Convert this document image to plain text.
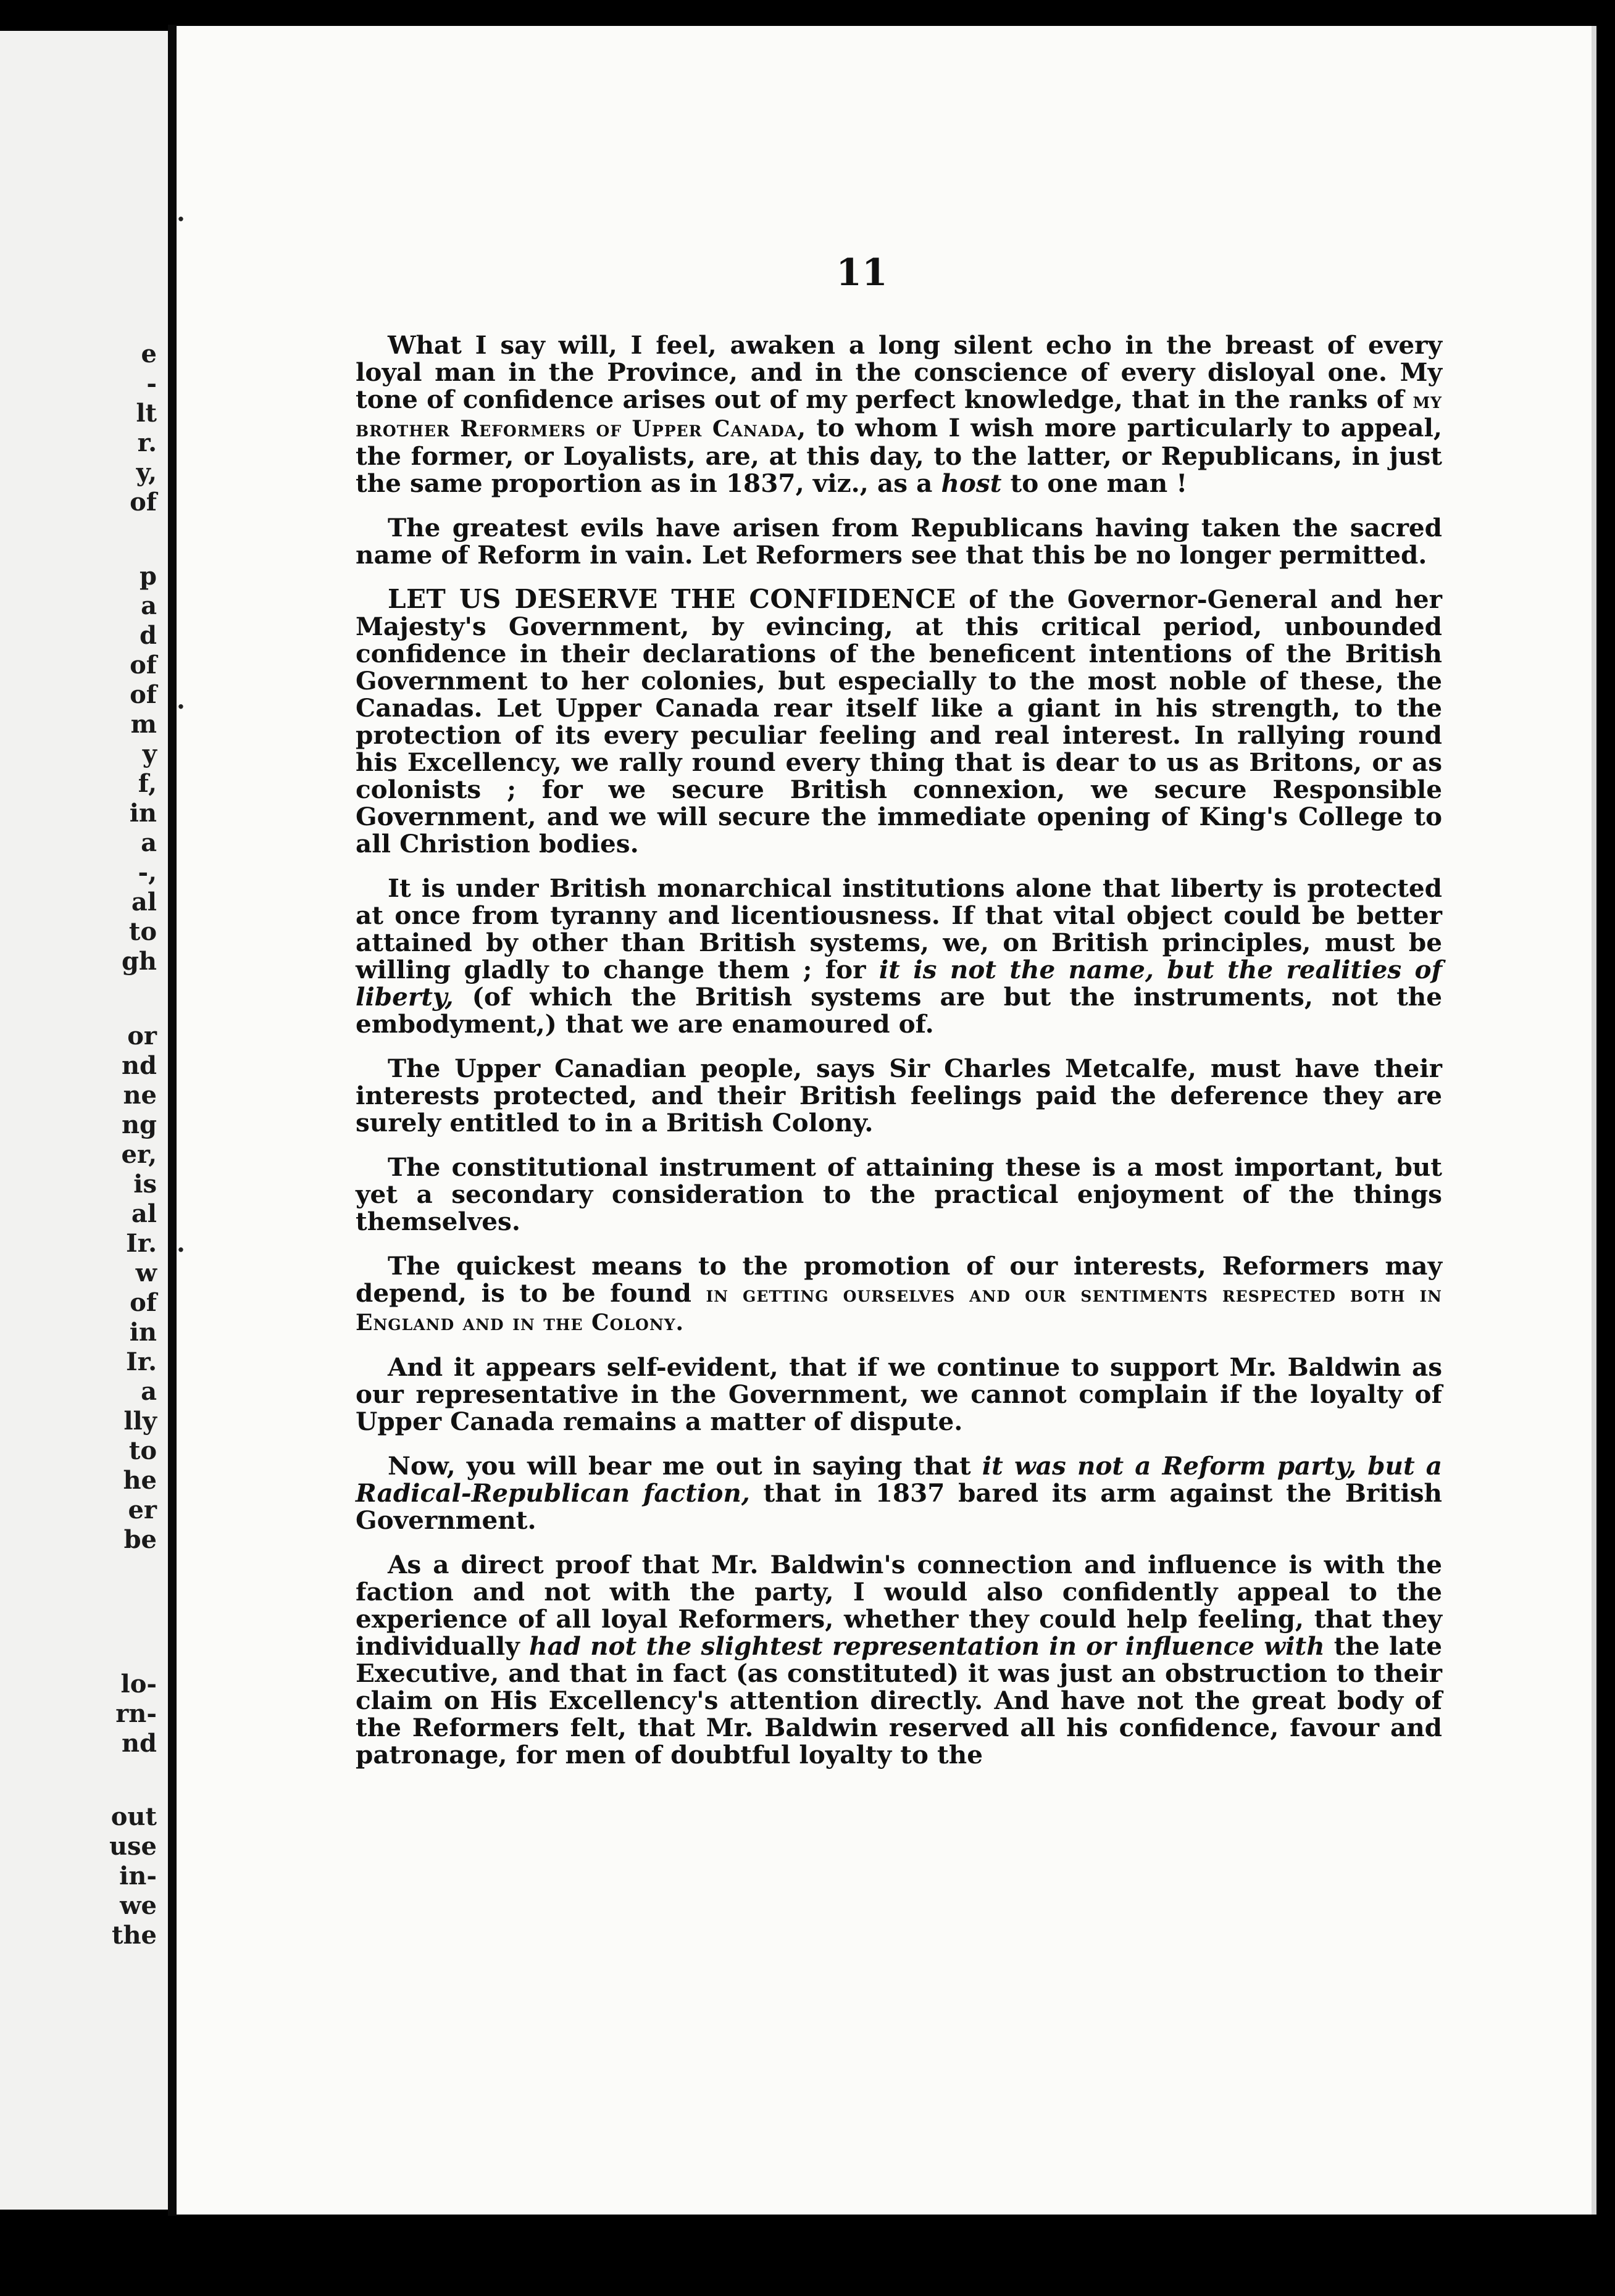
e
-
lt
r.
y,
of
p
a
d
of
of
m
y
f,
in
a
-,
al
to
gh
or
nd
ne
ng
er,
is
al
Ir.
w
of
in
Ir.
a
lly
to
he
er
be
lo-
rn-
nd
out
use
in-
we
the
·
·
·
11

What I say will, I feel, awaken a long silent echo in the breast of every loyal man in the Province, and in the conscience of every disloyal one. My tone of confidence arises out of my perfect knowledge, that in the ranks of my brother Reformers of Upper Canada, to whom I wish more particularly to appeal, the former, or Loyalists, are, at this day, to the latter, or Republicans, in just the same proportion as in 1837, viz., as a host to one man !

The greatest evils have arisen from Republicans having taken the sacred name of Reform in vain. Let Reformers see that this be no longer permitted.

LET US DESERVE THE CONFIDENCE of the Governor-General and her Majesty's Government, by evincing, at this critical period, unbounded confidence in their declarations of the beneficent intentions of the British Government to her colonies, but especially to the most noble of these, the Canadas. Let Upper Canada rear itself like a giant in his strength, to the protection of its every peculiar feeling and real interest. In rallying round his Excellency, we rally round every thing that is dear to us as Britons, or as colonists ; for we secure British connexion, we secure Responsible Government, and we will secure the immediate opening of King's College to all Christion bodies.

It is under British monarchical institutions alone that liberty is protected at once from tyranny and licentiousness. If that vital object could be better attained by other than British systems, we, on British principles, must be willing gladly to change them ; for it is not the name, but the realities of liberty, (of which the British systems are but the instruments, not the embodyment,) that we are enamoured of.

The Upper Canadian people, says Sir Charles Metcalfe, must have their interests protected, and their British feelings paid the deference they are surely entitled to in a British Colony.

The constitutional instrument of attaining these is a most important, but yet a secondary consideration to the practical enjoyment of the things themselves.

The quickest means to the promotion of our interests, Reformers may depend, is to be found in getting ourselves and our sentiments respected both in England and in the Colony.

And it appears self-evident, that if we continue to support Mr. Baldwin as our representative in the Government, we cannot complain if the loyalty of Upper Canada remains a matter of dispute.

Now, you will bear me out in saying that it was not a Reform party, but a Radical-Republican faction, that in 1837 bared its arm against the British Government.

As a direct proof that Mr. Baldwin's connection and influence is with the faction and not with the party, I would also confidently appeal to the experience of all loyal Reformers, whether they could help feeling, that they individually had not the slightest representation in or influence with the late Executive, and that in fact (as constituted) it was just an obstruction to their claim on His Excellency's attention directly. And have not the great body of the Reformers felt, that Mr. Baldwin reserved all his confidence, favour and patronage, for men of doubtful loyalty to the
